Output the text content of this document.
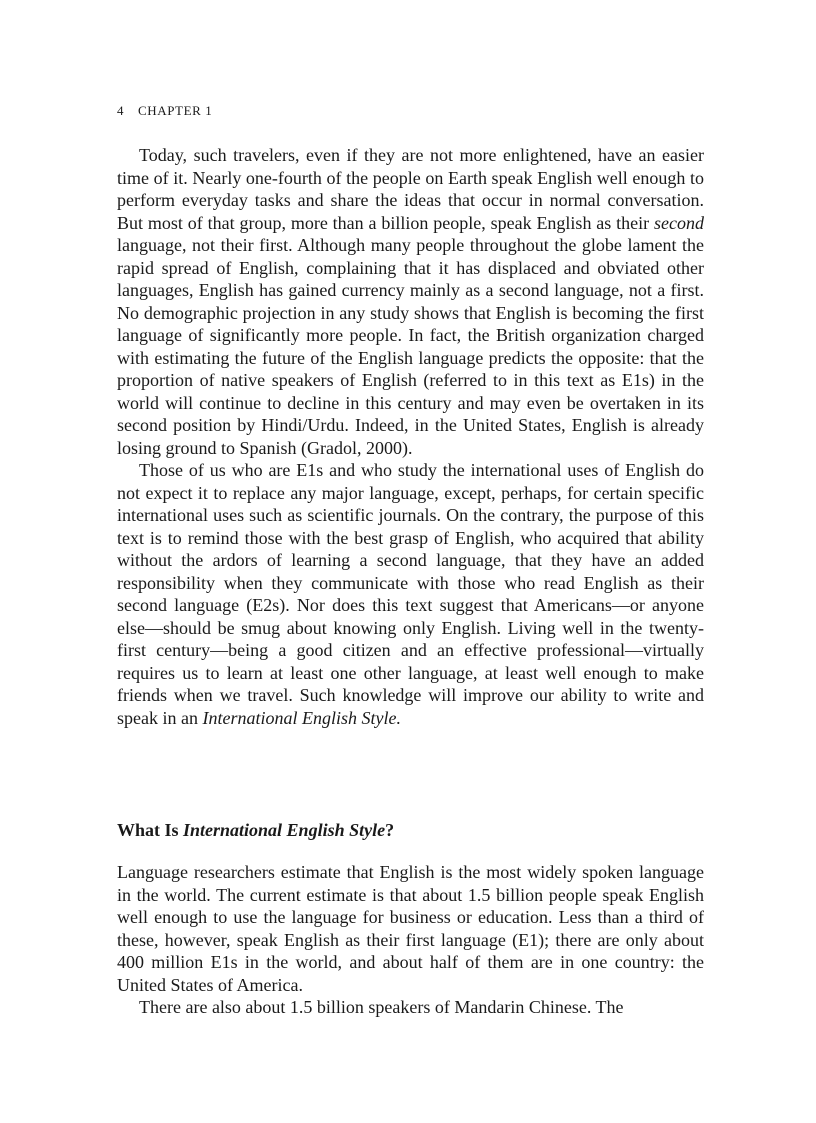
4 CHAPTER 1

Today, such travelers, even if they are not more enlightened, have an easier time of it. Nearly one-fourth of the people on Earth speak English well enough to perform everyday tasks and share the ideas that occur in normal conversation. But most of that group, more than a billion people, speak English as their second language, not their first. Although many people throughout the globe lament the rapid spread of English, complaining that it has displaced and obviated other languages, English has gained currency mainly as a second language, not a first. No demographic projection in any study shows that English is becoming the first language of significantly more people. In fact, the British organization charged with estimating the future of the English language predicts the opposite: that the proportion of native speakers of English (referred to in this text as E1s) in the world will continue to decline in this century and may even be overtaken in its second position by Hindi/Urdu. Indeed, in the United States, English is already losing ground to Spanish (Gradol, 2000).

Those of us who are E1s and who study the international uses of English do not expect it to replace any major language, except, perhaps, for certain specific international uses such as scientific journals. On the contrary, the purpose of this text is to remind those with the best grasp of English, who acquired that ability without the ardors of learning a second language, that they have an added responsibility when they communicate with those who read English as their second language (E2s). Nor does this text suggest that Americans—or anyone else—should be smug about knowing only English. Living well in the twenty-first century—being a good citizen and an effective professional—virtually requires us to learn at least one other language, at least well enough to make friends when we travel. Such knowledge will improve our ability to write and speak in an International English Style.

What Is International English Style?

Language researchers estimate that English is the most widely spoken language in the world. The current estimate is that about 1.5 billion people speak English well enough to use the language for business or education. Less than a third of these, however, speak English as their first language (E1); there are only about 400 million E1s in the world, and about half of them are in one country: the United States of America.

There are also about 1.5 billion speakers of Mandarin Chinese. The
